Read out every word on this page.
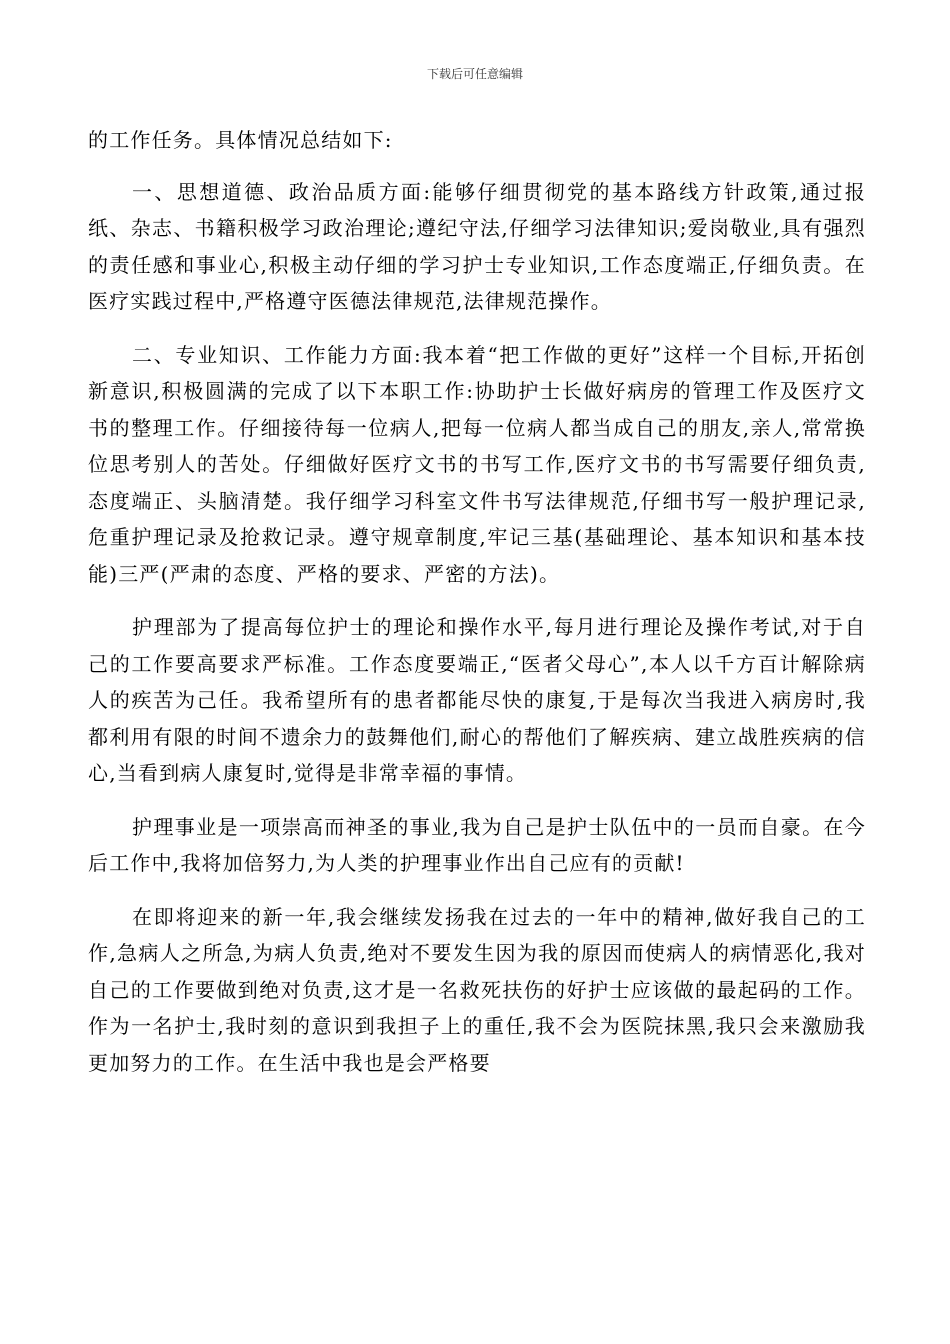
下载后可任意编辑

的工作任务。具体情况总结如下:

一、思想道德、政治品质方面:能够仔细贯彻党的基本路线方针政策,通过报纸、杂志、书籍积极学习政治理论;遵纪守法,仔细学习法律知识;爱岗敬业,具有强烈的责任感和事业心,积极主动仔细的学习护士专业知识,工作态度端正,仔细负责。在医疗实践过程中,严格遵守医德法律规范,法律规范操作。

二、专业知识、工作能力方面:我本着“把工作做的更好”这样一个目标,开拓创新意识,积极圆满的完成了以下本职工作:协助护士长做好病房的管理工作及医疗文书的整理工作。仔细接待每一位病人,把每一位病人都当成自己的朋友,亲人,常常换位思考别人的苦处。仔细做好医疗文书的书写工作,医疗文书的书写需要仔细负责,态度端正、头脑清楚。我仔细学习科室文件书写法律规范,仔细书写一般护理记录,危重护理记录及抢救记录。遵守规章制度,牢记三基(基础理论、基本知识和基本技能)三严(严肃的态度、严格的要求、严密的方法)。

护理部为了提高每位护士的理论和操作水平,每月进行理论及操作考试,对于自己的工作要高要求严标准。工作态度要端正,“医者父母心”,本人以千方百计解除病人的疾苦为己任。我希望所有的患者都能尽快的康复,于是每次当我进入病房时,我都利用有限的时间不遗余力的鼓舞他们,耐心的帮他们了解疾病、建立战胜疾病的信心,当看到病人康复时,觉得是非常幸福的事情。

护理事业是一项崇高而神圣的事业,我为自己是护士队伍中的一员而自豪。在今后工作中,我将加倍努力,为人类的护理事业作出自己应有的贡献!

在即将迎来的新一年,我会继续发扬我在过去的一年中的精神,做好我自己的工作,急病人之所急,为病人负责,绝对不要发生因为我的原因而使病人的病情恶化,我对自己的工作要做到绝对负责,这才是一名救死扶伤的好护士应该做的最起码的工作。作为一名护士,我时刻的意识到我担子上的重任,我不会为医院抹黑,我只会来激励我更加努力的工作。在生活中我也是会严格要
